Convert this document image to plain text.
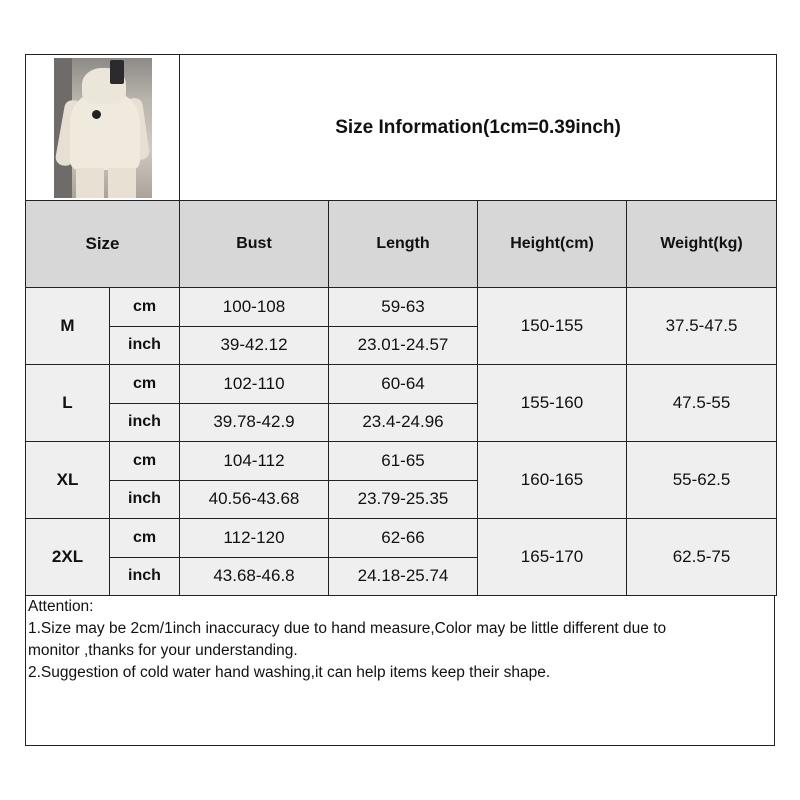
		Size Information(1cm=0.39inch)			
Size		Bust	Length	Height(cm)	Weight(kg)
M	cm	100-108	59-63	150-155	37.5-47.5
	inch	39-42.12	23.01-24.57		
L	cm	102-110	60-64	155-160	47.5-55
	inch	39.78-42.9	23.4-24.96		
XL	cm	104-112	61-65	160-165	55-62.5
	inch	40.56-43.68	23.79-25.35		
2XL	cm	112-120	62-66	165-170	62.5-75
	inch	43.68-46.8	24.18-25.74		
Attention:
1.Size may be 2cm/1inch inaccuracy due to hand measure,Color may be little different due to
monitor ,thanks for your understanding.
2.Suggestion of cold water hand washing,it can help items keep their shape.
